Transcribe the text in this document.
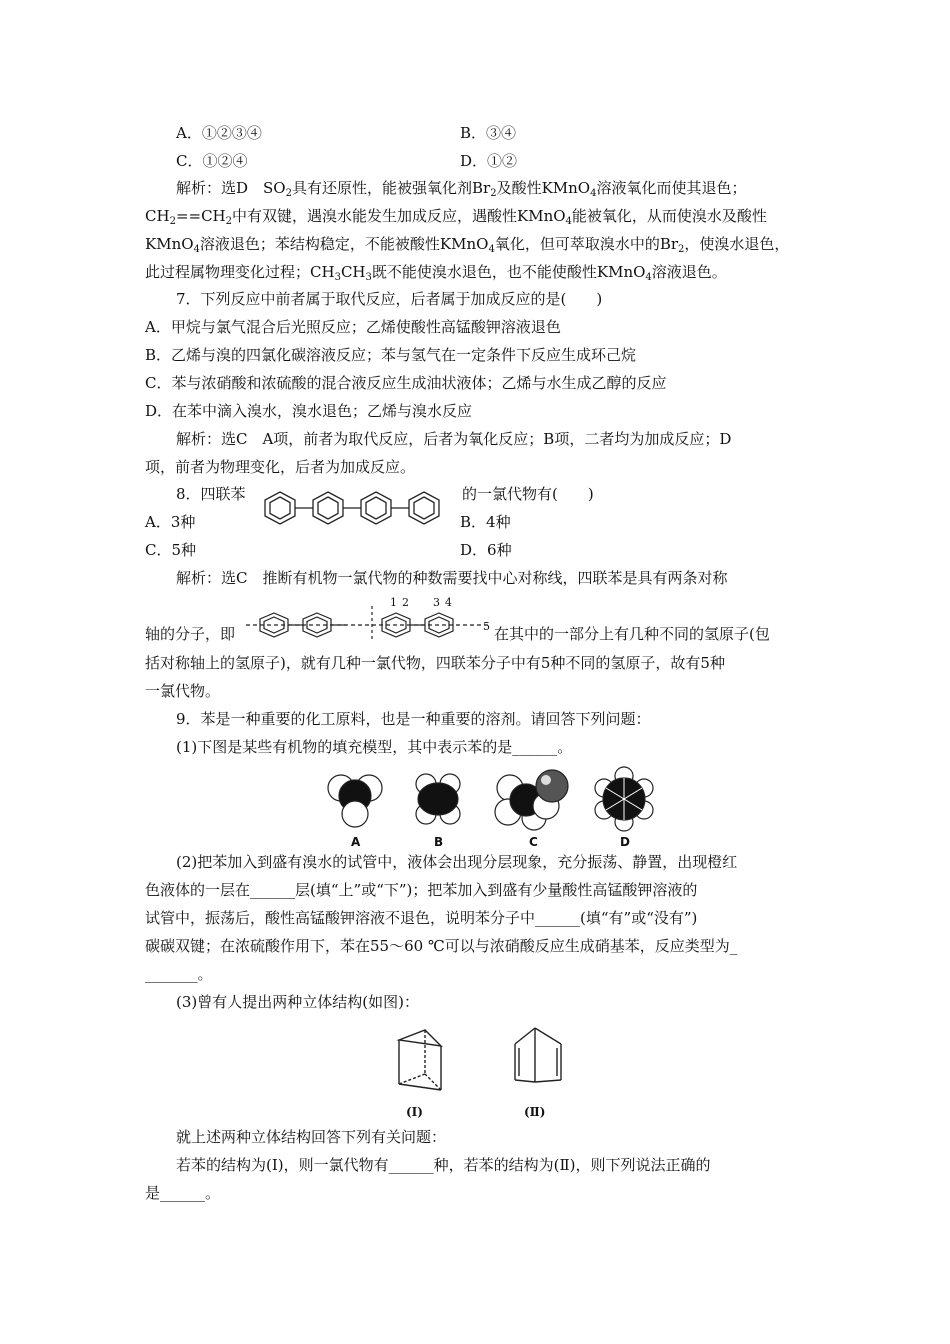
A．①②③④	B．③④
C．①②④	D．①②
解析：选D　$SO_2$具有还原性，能被强氧化剂$Br_2$及酸性KMnO$_4$溶液氧化而使其退色；
$CH_2==CH_2$中有双键，遇溴水能发生加成反应，遇酸性KMnO$_4$能被氧化，从而使溴水及酸性
KMnO$_4$溶液退色；苯结构稳定，不能被酸性KMnO$_4$氧化，但可萃取溴水中的$Br_2$，使溴水退色，
此过程属物理变化过程；$CH_3CH_3$既不能使溴水退色，也不能使酸性KMnO$_4$溶液退色。
7．下列反应中前者属于取代反应，后者属于加成反应的是(　　)
A．甲烷与氯气混合后光照反应；乙烯使酸性高锰酸钾溶液退色
B．乙烯与溴的四氯化碳溶液反应；苯与氢气在一定条件下反应生成环己烷
C．苯与浓硝酸和浓硫酸的混合液反应生成油状液体；乙烯与水生成乙醇的反应
D．在苯中滴入溴水，溴水退色；乙烯与溴水反应
解析：选C　A项，前者为取代反应，后者为氧化反应；B项，二者均为加成反应；D
项，前者为物理变化，后者为加成反应。
8．四联苯	的一氯代物有(　　)
A．3种	B．4种
C．5种	D．6种
解析：选C　推断有机物一氯代物的种数需要找中心对称线，四联苯是具有两条对称
轴的分子，即
1 2 3 4
5 在其中的一部分上有几种不同的氢原子(包
括对称轴上的氢原子)，就有几种一氯代物，四联苯分子中有5种不同的氢原子，故有5种
一氯代物。
9．苯是一种重要的化工原料，也是一种重要的溶剂。请回答下列问题：
(1)下图是某些有机物的填充模型，其中表示苯的是______。
A	B	C	D
(2)把苯加入到盛有溴水的试管中，液体会出现分层现象，充分振荡、静置，出现橙红
色液体的一层在______层(填“上”或“下”)；把苯加入到盛有少量酸性高锰酸钾溶液的
试管中，振荡后，酸性高锰酸钾溶液不退色，说明苯分子中______(填“有”或“没有”)
碳碳双键；在浓硫酸作用下，苯在55～60 ℃可以与浓硝酸反应生成硝基苯，反应类型为_
_______。
(3)曾有人提出两种立体结构(如图)：
(Ⅰ)	(Ⅱ)
就上述两种立体结构回答下列有关问题：
若苯的结构为(Ⅰ)，则一氯代物有______种，若苯的结构为(Ⅱ)，则下列说法正确的
是______。
